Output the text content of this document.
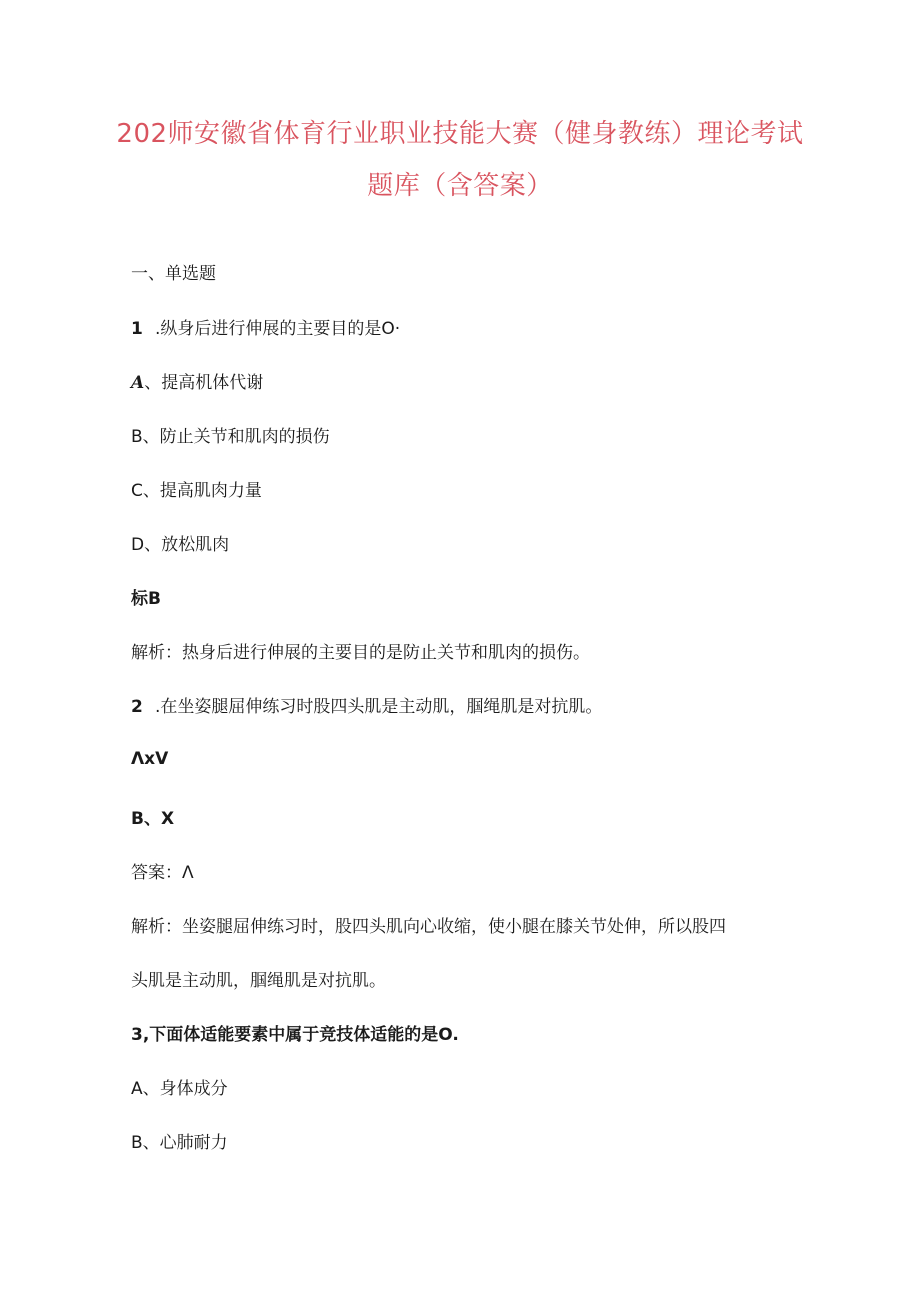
202师安徽省体育行业职业技能大赛（健身教练）理论考试
题库（含答案）
一、单选题
1 .纵身后进行伸展的主要目的是O·
A、提高机体代谢
B、防止关节和肌肉的损伤
C、提高肌肉力量
D、放松肌肉
标B
解析：热身后进行伸展的主要目的是防止关节和肌肉的损伤。
2 .在坐姿腿屈伸练习时股四头肌是主动肌，腘绳肌是对抗肌。
ΛxV
B、X
答案：Λ
解析：坐姿腿屈伸练习时，股四头肌向心收缩，使小腿在膝关节处伸，所以股四
头肌是主动肌，腘绳肌是对抗肌。
3,下面体适能要素中属于竞技体适能的是O.
A、身体成分
B、心肺耐力
